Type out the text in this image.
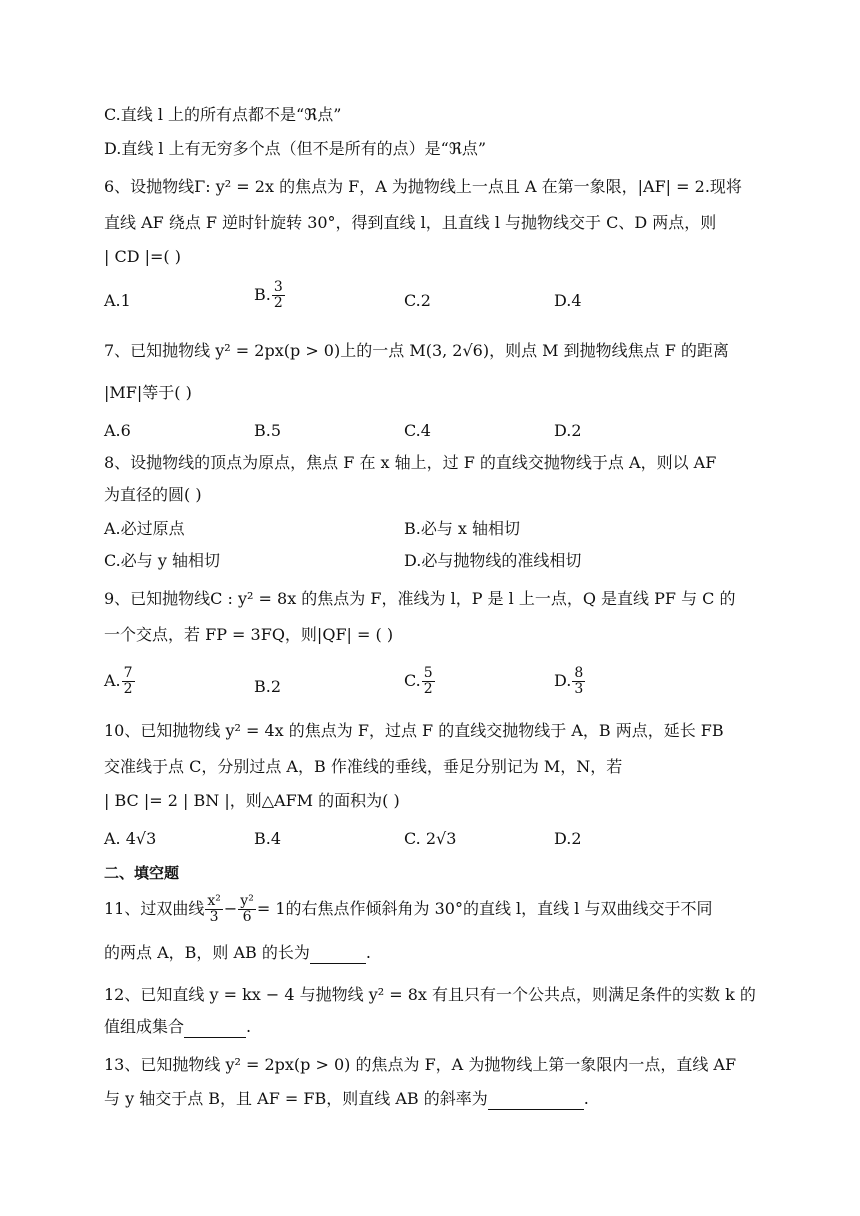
C.直线 l 上的所有点都不是“ℜ点”
D.直线 l 上有无穷多个点（但不是所有的点）是“ℜ点”
6、设抛物线Γ: y² = 2x 的焦点为 F，A 为抛物线上一点且 A 在第一象限，|AF| = 2.现将
直线 AF 绕点 F 逆时针旋转 30°，得到直线 l，且直线 l 与抛物线交于 C、D 两点，则
| CD |=( )
A.1	B. $\frac{3}{2}$	C.2	D.4
7、已知抛物线 y² = 2px(p > 0)上的一点 M(3, 2√6)，则点 M 到抛物线焦点 F 的距离
|MF|等于( )
A.6	B.5	C.4	D.2
8、设抛物线的顶点为原点，焦点 F 在 x 轴上，过 F 的直线交抛物线于点 A，则以 AF
为直径的圆( )
A.必过原点	B.必与 x 轴相切
C.必与 y 轴相切	D.必与抛物线的准线相切
9、已知抛物线C : y² = 8x 的焦点为 F，准线为 l，P 是 l 上一点，Q 是直线 PF 与 C 的
一个交点，若 FP = 3FQ，则|QF| = ( )
A. $\frac{7}{2}$	B.2	C. $\frac{5}{2}$	D. $\frac{8}{3}$
10、已知抛物线 y² = 4x 的焦点为 F，过点 F 的直线交抛物线于 A，B 两点，延长 FB
交准线于点 C，分别过点 A，B 作准线的垂线，垂足分别记为 M，N，若
| BC |= 2 | BN |，则△AFM 的面积为( )
A. 4√3	B.4	C. 2√3	D.2
二、填空题
11、过双曲线 $\frac{\text{x²}}{3} - \frac{\text{y²}}{6} = 1$的右焦点作倾斜角为 30°的直线 l，直线 l 与双曲线交于不同
的两点 A，B，则 AB 的长为	.
12、已知直线 y = kx − 4 与抛物线 y² = 8x 有且只有一个公共点，则满足条件的实数 k 的
值组成集合	.
13、已知抛物线 y² = 2px(p > 0) 的焦点为 F，A 为抛物线上第一象限内一点，直线 AF
与 y 轴交于点 B，且 AF = FB，则直线 AB 的斜率为	.
